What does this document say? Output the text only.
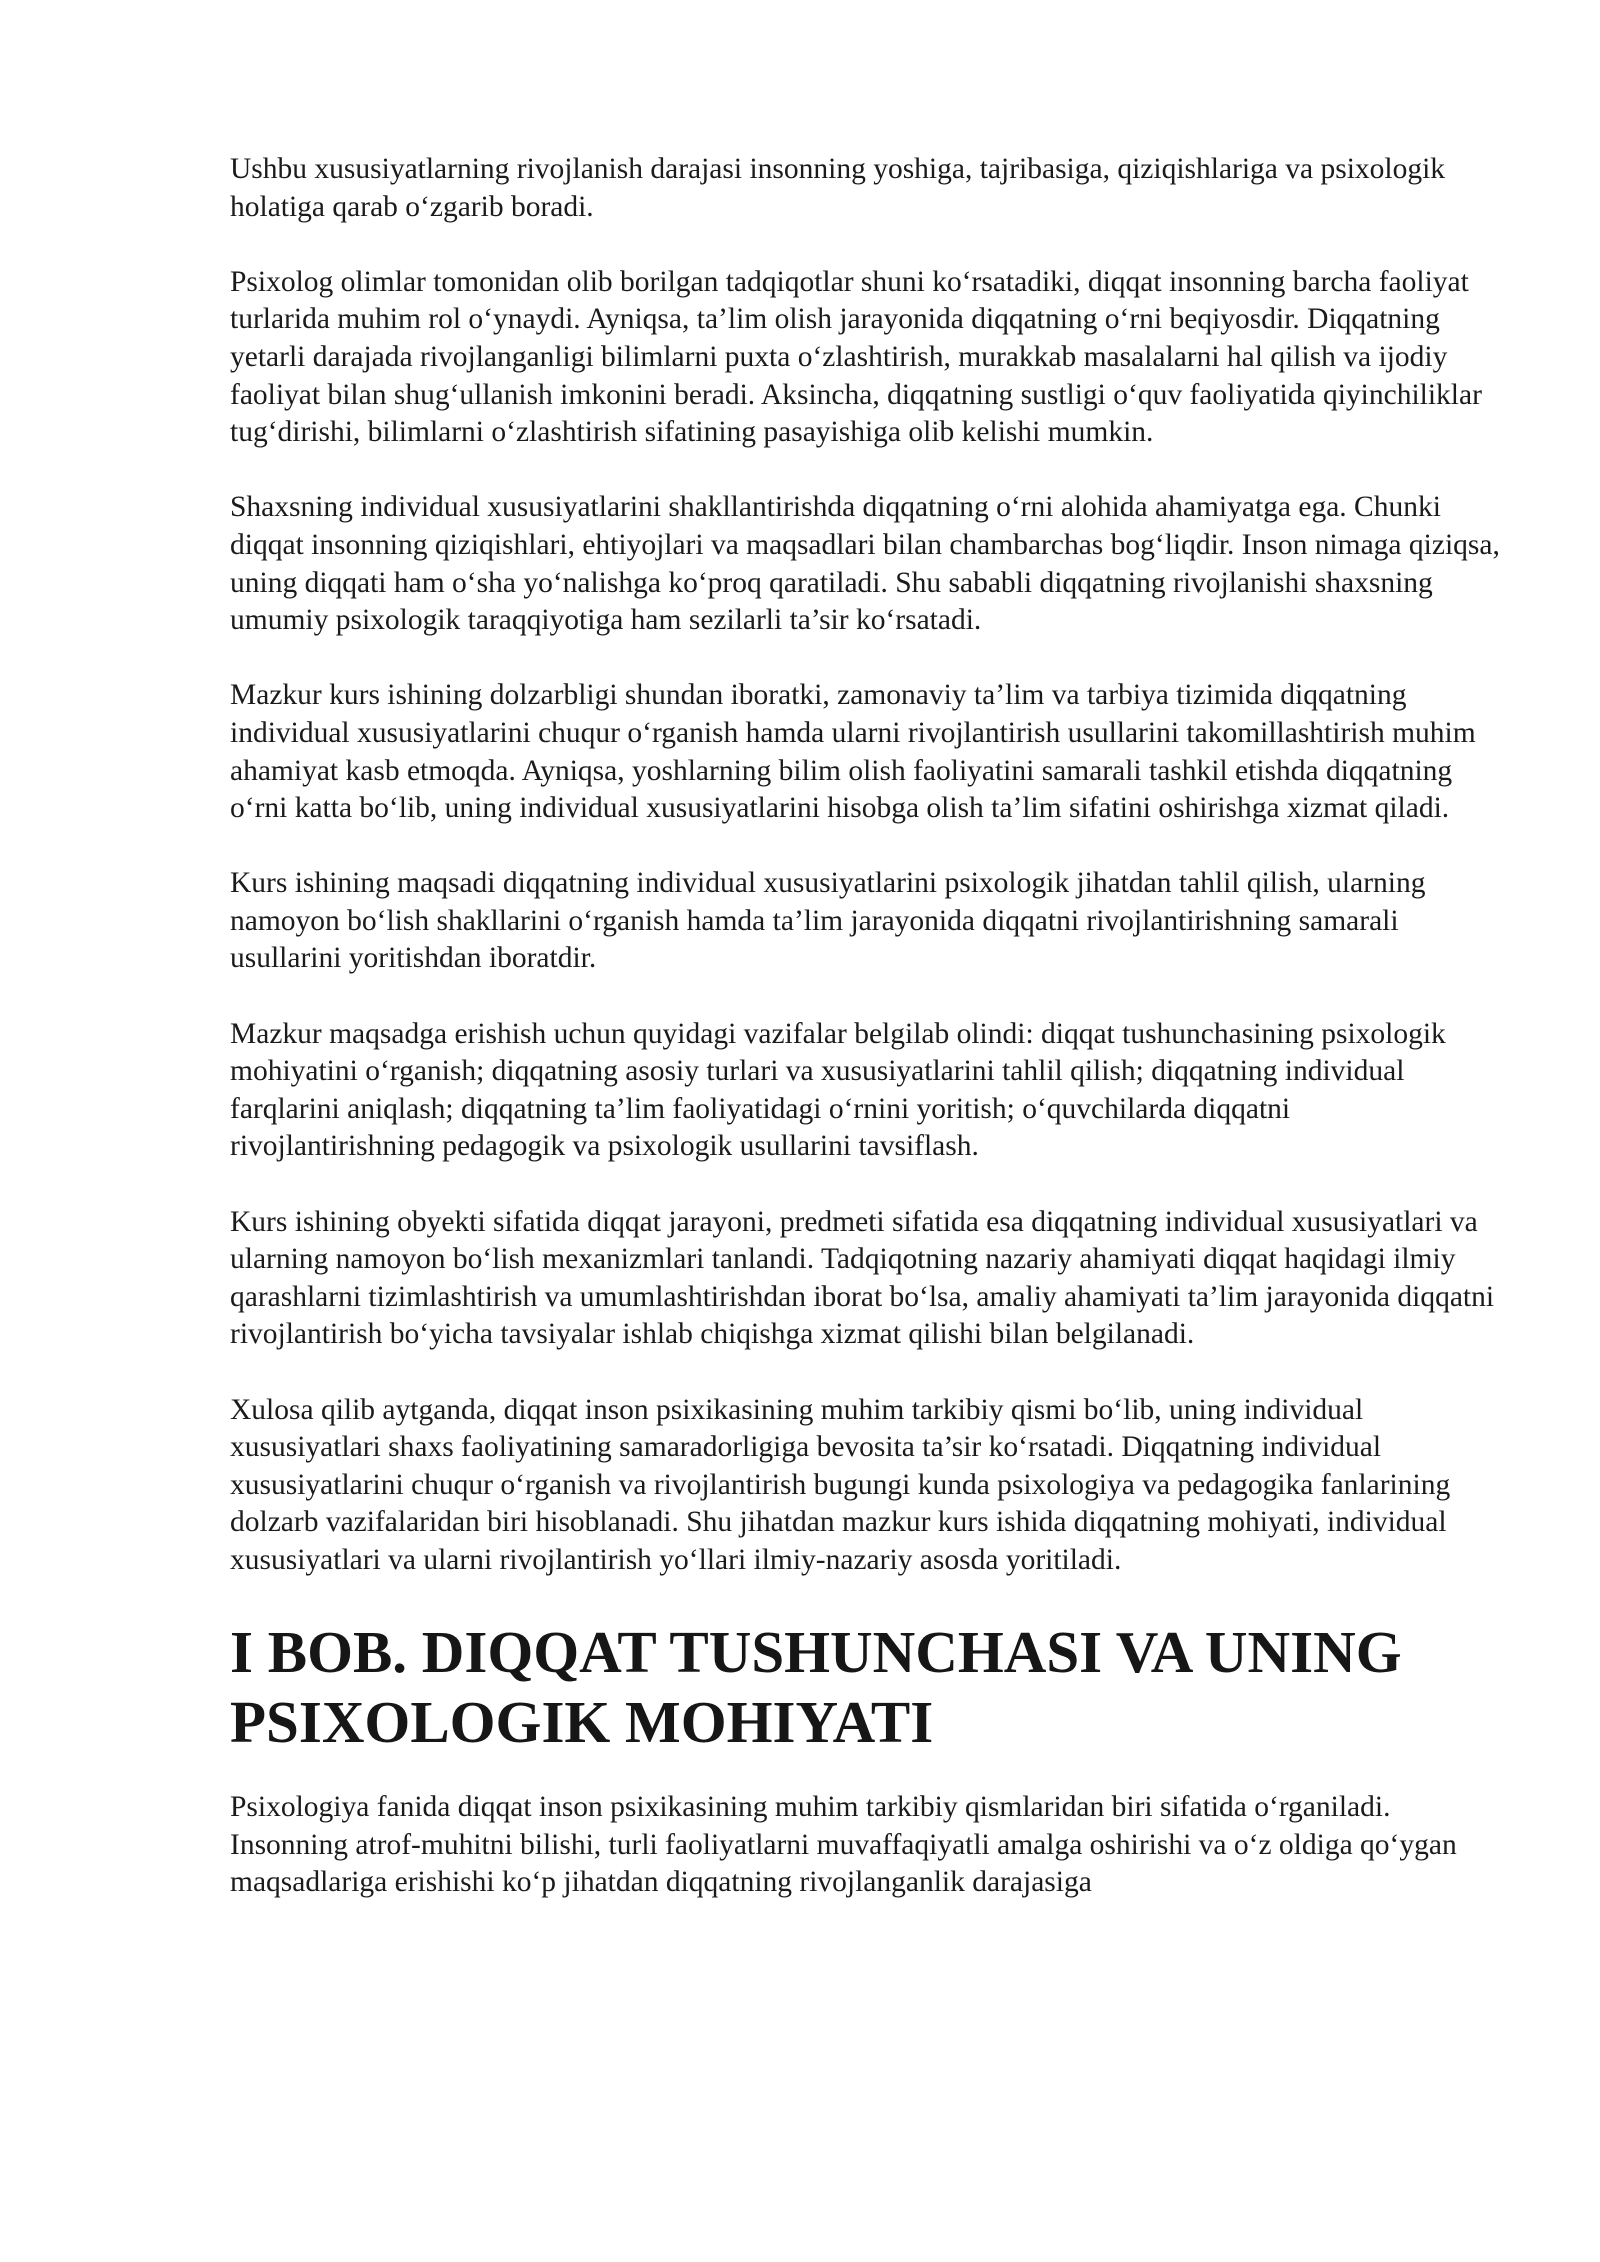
Ushbu xususiyatlarning rivojlanish darajasi insonning yoshiga, tajribasiga, qiziqishlariga va psixologik holatiga qarab o‘zgarib boradi.

Psixolog olimlar tomonidan olib borilgan tadqiqotlar shuni ko‘rsatadiki, diqqat insonning barcha faoliyat turlarida muhim rol o‘ynaydi. Ayniqsa, ta’lim olish jarayonida diqqatning o‘rni beqiyosdir. Diqqatning yetarli darajada rivojlanganligi bilimlarni puxta o‘zlashtirish, murakkab masalalarni hal qilish va ijodiy faoliyat bilan shug‘ullanish imkonini beradi. Aksincha, diqqatning sustligi o‘quv faoliyatida qiyinchiliklar tug‘dirishi, bilimlarni o‘zlashtirish sifatining pasayishiga olib kelishi mumkin.

Shaxsning individual xususiyatlarini shakllantirishda diqqatning o‘rni alohida ahamiyatga ega. Chunki diqqat insonning qiziqishlari, ehtiyojlari va maqsadlari bilan chambarchas bog‘liqdir. Inson nimaga qiziqsa, uning diqqati ham o‘sha yo‘nalishga ko‘proq qaratiladi. Shu sababli diqqatning rivojlanishi shaxsning umumiy psixologik taraqqiyotiga ham sezilarli ta’sir ko‘rsatadi.

Mazkur kurs ishining dolzarbligi shundan iboratki, zamonaviy ta’lim va tarbiya tizimida diqqatning individual xususiyatlarini chuqur o‘rganish hamda ularni rivojlantirish usullarini takomillashtirish muhim ahamiyat kasb etmoqda. Ayniqsa, yoshlarning bilim olish faoliyatini samarali tashkil etishda diqqatning o‘rni katta bo‘lib, uning individual xususiyatlarini hisobga olish ta’lim sifatini oshirishga xizmat qiladi.

Kurs ishining maqsadi diqqatning individual xususiyatlarini psixologik jihatdan tahlil qilish, ularning namoyon bo‘lish shakllarini o‘rganish hamda ta’lim jarayonida diqqatni rivojlantirishning samarali usullarini yoritishdan iboratdir.

Mazkur maqsadga erishish uchun quyidagi vazifalar belgilab olindi: diqqat tushunchasining psixologik mohiyatini o‘rganish; diqqatning asosiy turlari va xususiyatlarini tahlil qilish; diqqatning individual farqlarini aniqlash; diqqatning ta’lim faoliyatidagi o‘rnini yoritish; o‘quvchilarda diqqatni rivojlantirishning pedagogik va psixologik usullarini tavsiflash.

Kurs ishining obyekti sifatida diqqat jarayoni, predmeti sifatida esa diqqatning individual xususiyatlari va ularning namoyon bo‘lish mexanizmlari tanlandi. Tadqiqotning nazariy ahamiyati diqqat haqidagi ilmiy qarashlarni tizimlashtirish va umumlashtirishdan iborat bo‘lsa, amaliy ahamiyati ta’lim jarayonida diqqatni rivojlantirish bo‘yicha tavsiyalar ishlab chiqishga xizmat qilishi bilan belgilanadi.

Xulosa qilib aytganda, diqqat inson psixikasining muhim tarkibiy qismi bo‘lib, uning individual xususiyatlari shaxs faoliyatining samaradorligiga bevosita ta’sir ko‘rsatadi. Diqqatning individual xususiyatlarini chuqur o‘rganish va rivojlantirish bugungi kunda psixologiya va pedagogika fanlarining dolzarb vazifalaridan biri hisoblanadi. Shu jihatdan mazkur kurs ishida diqqatning mohiyati, individual xususiyatlari va ularni rivojlantirish yo‘llari ilmiy-nazariy asosda yoritiladi.

I BOB. DIQQAT TUSHUNCHASI VA UNING PSIXOLOGIK MOHIYATI

Psixologiya fanida diqqat inson psixikasining muhim tarkibiy qismlaridan biri sifatida o‘rganiladi. Insonning atrof-muhitni bilishi, turli faoliyatlarni muvaffaqiyatli amalga oshirishi va o‘z oldiga qo‘ygan maqsadlariga erishishi ko‘p jihatdan diqqatning rivojlanganlik darajasiga
